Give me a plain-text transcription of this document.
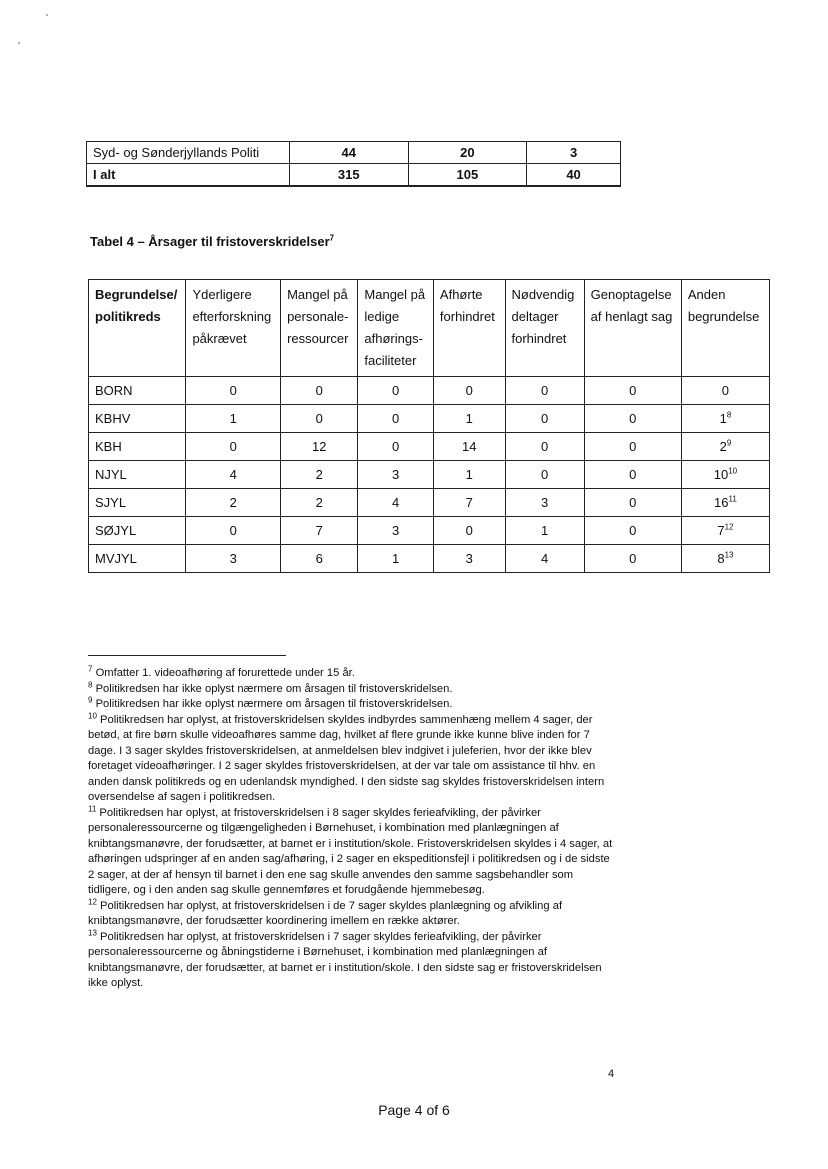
Syd- og Sønderjyllands Politi	44	20	3
I alt	315	105	40
Tabel 4 – Årsager til fristoverskridelser$^7$
Begrundelse/ politikreds	Yderligere efterforskning påkrævet	Mangel på personale-ressourcer	Mangel på ledige afhørings-faciliteter	Afhørte forhindret	Nødvendig deltager forhindret	Genoptagelse af henlagt sag	Anden begrundelse
BORN	0	0	0	0	0	0	0
KBHV	1	0	0	1	0	0	$1^8$
KBH	0	12	0	14	0	0	$2^9$
NJYL	4	2	3	1	0	0	$10^{10}$
SJYL	2	2	4	7	3	0	$16^{11}$
SØJYL	0	7	3	0	1	0	$7^{12}$
MVJYL	3	6	1	3	4	0	$8^{13}$

$^7$ Omfatter 1. videoafhøring af forurettede under 15 år.

$^8$ Politikredsen har ikke oplyst nærmere om årsagen til fristoverskridelsen.

$^9$ Politikredsen har ikke oplyst nærmere om årsagen til fristoverskridelsen.

$^{10}$ Politikredsen har oplyst, at fristoverskridelsen skyldes indbyrdes sammenhæng mellem 4 sager, der betød, at fire børn skulle videoafhøres samme dag, hvilket af flere grunde ikke kunne blive inden for 7 dage. I 3 sager skyldes fristoverskridelsen, at anmeldelsen blev indgivet i juleferien, hvor der ikke blev foretaget videoafhøringer. I 2 sager skyldes fristoverskridelsen, at der var tale om assistance til hhv. en anden dansk politikreds og en udenlandsk myndighed. I den sidste sag skyldes fristoverskridelsen intern oversendelse af sagen i politikredsen.

$^{11}$ Politikredsen har oplyst, at fristoverskridelsen i 8 sager skyldes ferieafvikling, der påvirker personaleressourcerne og tilgængeligheden i Børnehuset, i kombination med planlægningen af knibtangsmanøvre, der forudsætter, at barnet er i institution/skole. Fristoverskridelsen skyldes i 4 sager, at afhøringen udspringer af en anden sag/afhøring, i 2 sager en ekspeditionsfejl i politikredsen og i de sidste 2 sager, at der af hensyn til barnet i den ene sag skulle anvendes den samme sagsbehandler som tidligere, og i den anden sag skulle gennemføres et forudgående hjemmebesøg.

$^{12}$ Politikredsen har oplyst, at fristoverskridelsen i de 7 sager skyldes planlægning og afvikling af knibtangsmanøvre, der forudsætter koordinering imellem en række aktører.

$^{13}$ Politikredsen har oplyst, at fristoverskridelsen i 7 sager skyldes ferieafvikling, der påvirker personaleressourcerne og åbningstiderne i Børnehuset, i kombination med planlægningen af knibtangsmanøvre, der forudsætter, at barnet er i institution/skole. I den sidste sag er fristoverskridelsen ikke oplyst.

4
Page 4 of 6
